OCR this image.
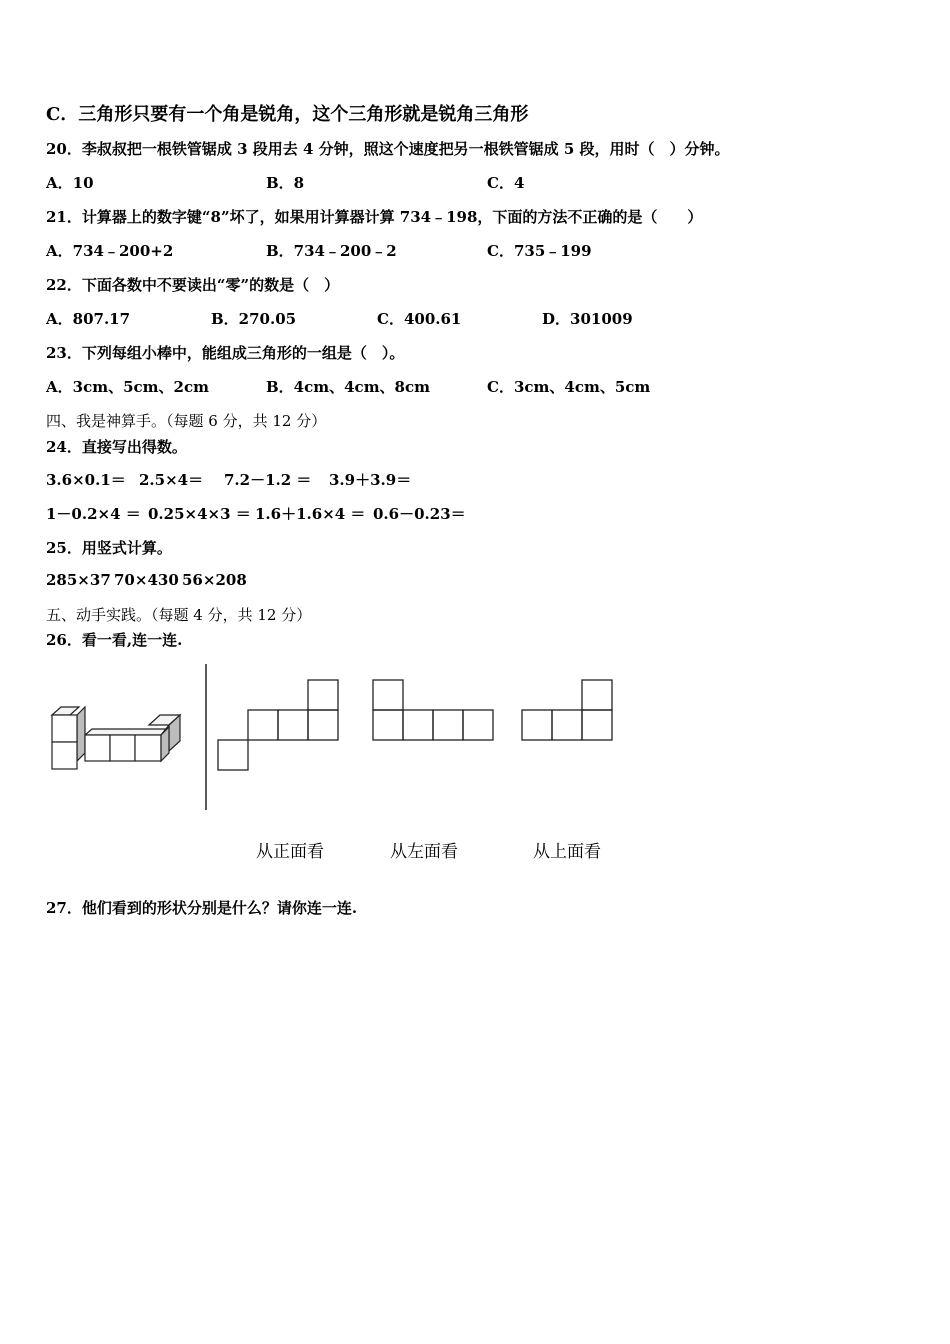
C．三角形只要有一个角是锐角，这个三角形就是锐角三角形
20．李叔叔把一根铁管锯成 3 段用去 4 分钟，照这个速度把另一根铁管锯成 5 段，用时（　）分钟。
A．10	B．8	C．4
21．计算器上的数字键“8”坏了，如果用计算器计算 734﹣198，下面的方法不正确的是（　　）
A．734﹣200+2	B．734﹣200﹣2	C．735﹣199
22．下面各数中不要读出“零”的数是（　）
A．807.17	B．270.05	C．400.61	D．301009
23．下列每组小棒中，能组成三角形的一组是（　）。
A．3cm、5cm、2cm	B．4cm、4cm、8cm	C．3cm、4cm、5cm
四、我是神算手。（每题 6 分，共 12 分）
24．直接写出得数。
3.6×0.1＝ 2.5×4＝ 7.2－1.2 ＝ 3.9＋3.9＝
1－0.2×4 ＝ 0.25×4×3 ＝ 1.6＋1.6×4 ＝ 0.6－0.23＝
25．用竖式计算。
285×37 70×430 56×208
五、动手实践。（每题 4 分，共 12 分）
26．看一看,连一连.
从正面看	从左面看	从上面看
27．他们看到的形状分别是什么？请你连一连.
